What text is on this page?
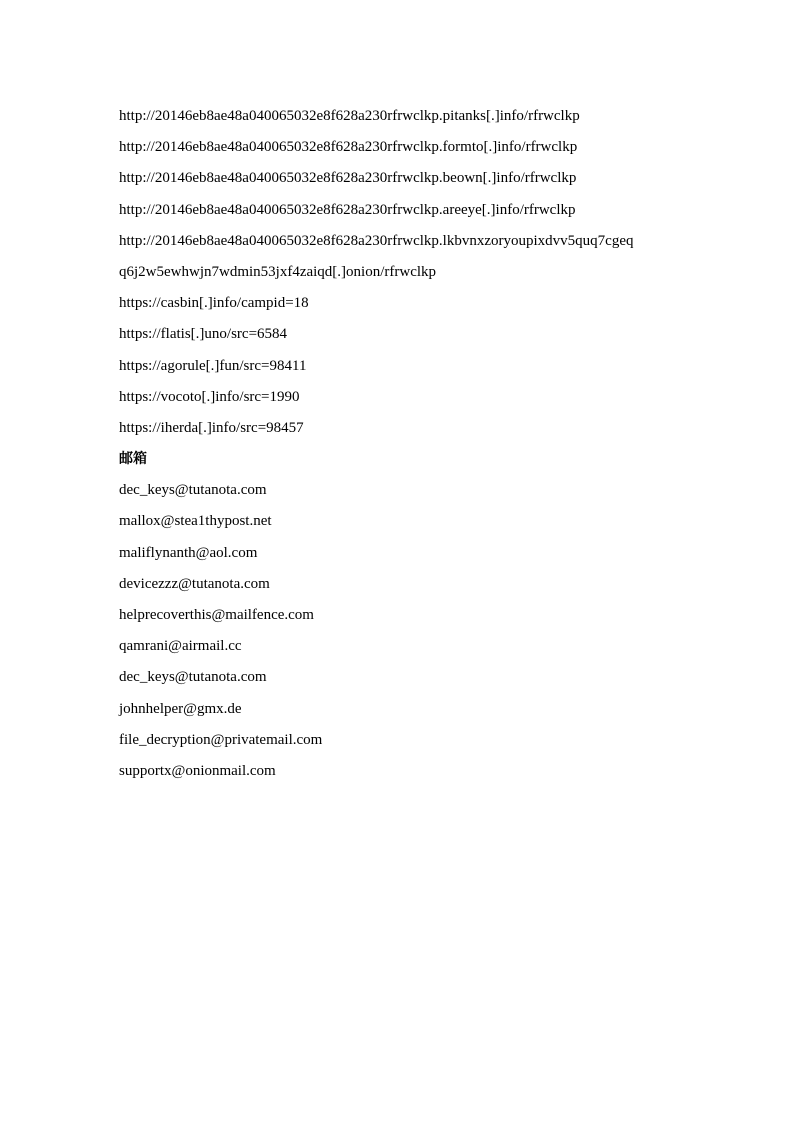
http://20146eb8ae48a040065032e8f628a230rfrwclkp.pitanks[.]info/rfrwclkp
http://20146eb8ae48a040065032e8f628a230rfrwclkp.formto[.]info/rfrwclkp
http://20146eb8ae48a040065032e8f628a230rfrwclkp.beown[.]info/rfrwclkp
http://20146eb8ae48a040065032e8f628a230rfrwclkp.areeye[.]info/rfrwclkp
http://20146eb8ae48a040065032e8f628a230rfrwclkp.lkbvnxzoryoupixdvv5quq7cgeq
q6j2w5ewhwjn7wdmin53jxf4zaiqd[.]onion/rfrwclkp
https://casbin[.]info/campid=18
https://flatis[.]uno/src=6584
https://agorule[.]fun/src=98411
https://vocoto[.]info/src=1990
https://iherda[.]info/src=98457
邮箱
dec_keys@tutanota.com
mallox@stea1thypost.net
maliflynanth@aol.com
devicezzz@tutanota.com
helprecoverthis@mailfence.com
qamrani@airmail.cc
dec_keys@tutanota.com
johnhelper@gmx.de
file_decryption@privatemail.com
supportx@onionmail.com
